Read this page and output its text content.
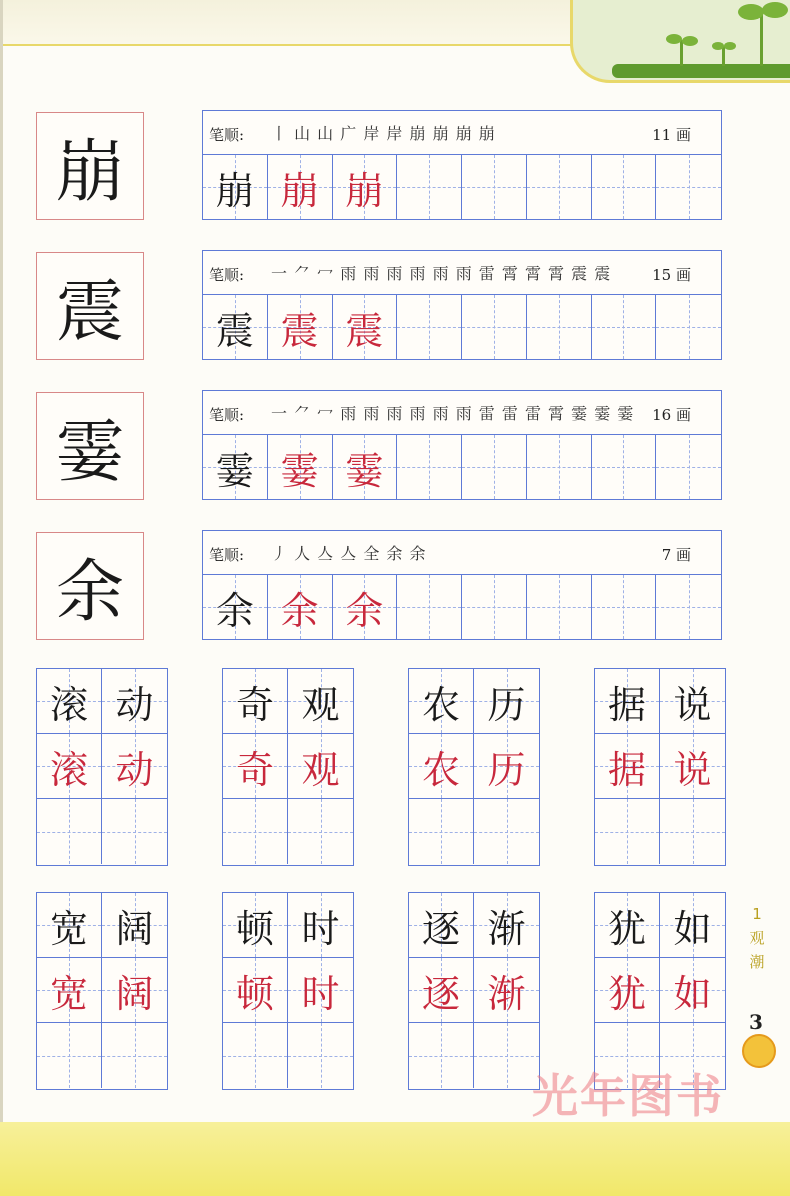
崩	笔顺: 丨 山 山 广 岸 岸 崩 崩 崩 崩	11 画
崩 崩 崩
震	笔顺: 一 ⺈ 冖 雨 雨 雨 雨 雨 雨 雷 霄 霄 霄 震 震	15 画
震 震 震
霎	笔顺: 一 ⺈ 冖 雨 雨 雨 雨 雨 雨 雷 雷 雷 霄 霎 霎 霎 16 画
霎 霎 霎
余	笔顺: 丿 人 亼 亼 全 余 余	7 画
余 余 余
滚 动
滚 动
奇 观
奇 观
农 历
农 历
据 说
据 说
宽 阔
宽 阔
顿 时
顿 时
逐 渐
逐 渐
犹 如
犹 如
1
观
潮
3
光年图书
